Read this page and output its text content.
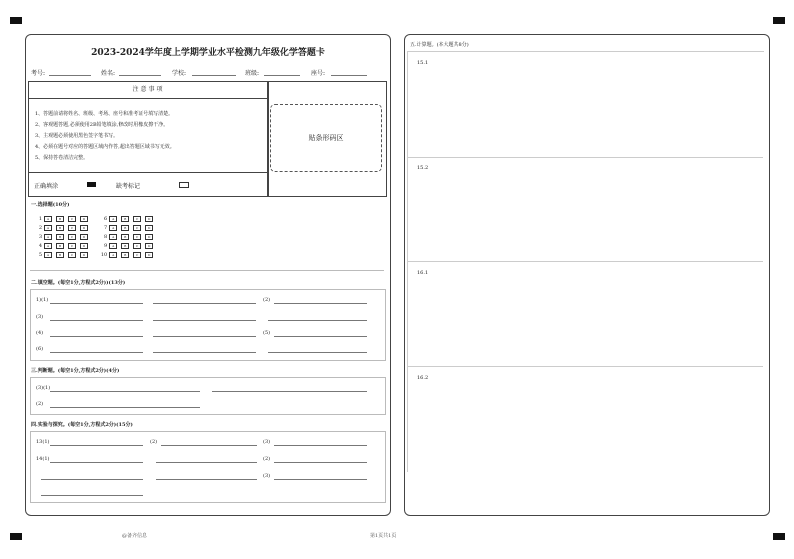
2023-2024学年度上学期学业水平检测九年级化学答题卡
考号:	姓名:	学校:	班级:	座号:
注意事项
1、答题前请将姓名、班级、考场、座号和准考证号填写清楚。
2、客观题答题,必须使用2B铅笔填涂,修改时用橡皮擦干净。
3、主观题必须使用黑色签字笔书写。
4、必须在题号对应的答题区域内作答,超出答题区域书写无效。
5、保持答卷清洁完整。
正确填涂	缺考标记
贴条形码区
一.选择题(10分)
1 A	B	C	D	6 A	B	C	D
2 A	B	C	D	7 A	B	C	D
3 A	B	C	D	8 A	B	C	D
4 A	B	C	D	9 A	B	C	D
5 A	B	C	D	10 A	B	C	D
二.填空题。(每空1分,方程式2分))(13分)
1)(1)	(2)
(3)
(4)	(5)
(6)
三.判断题。(每空1分,方程式2分)(4分)
(3)(1)
(2)
四.实验与探究。(每空1分,方程式2分)(15分)
13(1)	(2)	(3)
14(1)	(2)
(3)
五.计算题。(本大题共8分)
15.1
15.2
16.1
16.2
@备齐信息	第1页共1页
